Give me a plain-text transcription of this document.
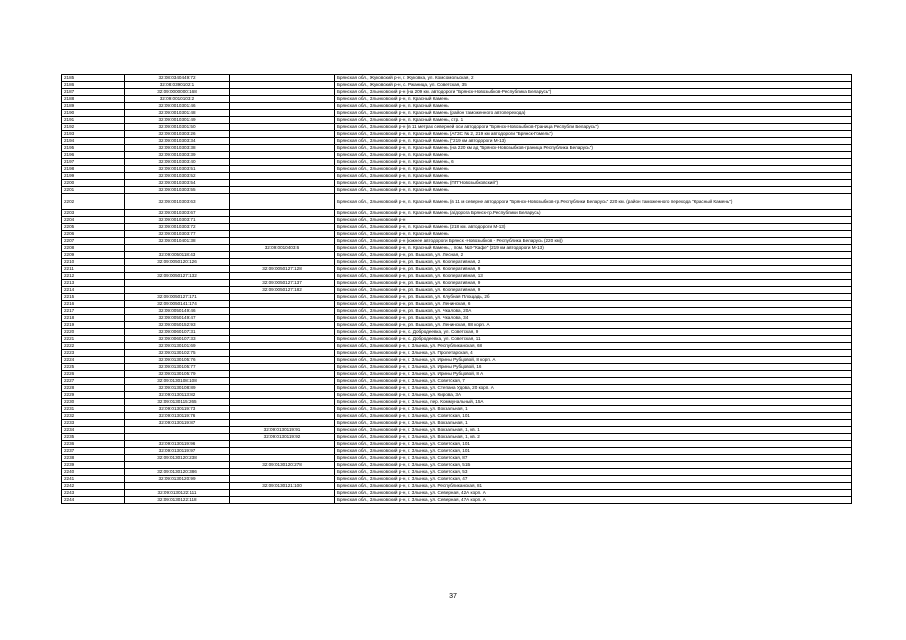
2185	32:08:0340449:72		Брянская обл., Жуковский р-н, г. Жуковка, ул. Комсомольская, 2
2186	32:08:0390102:1		Брянская обл., Жуковский р-н, с. Ржаница, ул. Советская, 35
2187	32:09:0000000:168		Брянская обл., Злынковский р-н (на 209 км. автодороги "Брянск-Новозыбков-Республика Беларусь")
2188	32:09:0010103:2		Брянская обл., Злынковский р-н, п. Красный Камень
2189	32:09:0010301:46		Брянская обл., Злынковский р-н, п. Красный Камень
2190	32:09:0010301:48		Брянская обл., Злынковский р-н, п. Красный Камень (район таможенного автоперехода)
2191	32:09:0010301:49		Брянская обл., Злынковский р-н, п. Красный Камень, стр. 1
2192	32:09:0010301:50		Брянская обл., Злынковский р-н (в 11 метрах северней оси автодороги "Брянск-Новозыбков-Граница Республи Беларусь")
2193	32:09:0010303:26		Брянская обл., Злынковский р-н, п. Красный Камень (АГЗС № 2, 219 км автодороги "Брянск-Гомель")
2194	32:09:0010303:34		Брянская обл., Злынковский р-н, п. Красный Камень ("219 км автодороги М-13)
2195	32:09:0010303:38		Брянская обл., Злынковский р-н, п. Красный Камень (на 220 км ад "Брянск-Новозыбков-граница Республика Беларусь")
2196	32:09:0010303:39		Брянская обл., Злынковский р-н, п. Красный Камень
2197	32:09:0010303:40		Брянская обл., Злынковский р-н, п. Красный Камень, 6
2198	32:09:0010303:51		Брянская обл., Злынковский р-н, п. Красный Камень
2199	32:09:0010303:52		Брянская обл., Злынковский р-н, п. Красный Камень
2200	32:09:0010303:54		Брянская обл., Злынковский р-н, п. Красный Камень (ПП"Новозыбковский")
2201	32:09:0010303:55		Брянская обл., Злынковский р-н, п. Красный Камень
2202	32:09:0010303:63		Брянская обл., Злынковский р-н, п. Красный Камень (в 11 м северне автодороги "Брянск-Новозыбков-гр.Республики Беларусь" 220 км. (район таможенного перехода "Красный Камень")
2203	32:09:0010303:67		Брянская обл., Злынковский р-н, п. Красный Камень (а/дорога Брянск-гр.Республики Беларусь)
2204	32:09:0010303:71		Брянская обл., Злынковский р-н
2205	32:09:0010303:72		Брянская обл., Злынковский р-н, п. Красный Камень (218 км. автодороги М-13)
2206	32:09:0010303:77		Брянская обл., Злынковский р-н, п. Красный Камень
2207	32:09:0010401:38		Брянская обл., Злынковский р-н (южнее автодороги Брянск -Новозыбков - Республика Беларусь (220 км))
2208		32:09:0010403:6	Брянская обл., Злынковский р-н, п. Красный Камень, , пом. №3-"Кафе" (219 км автодороги М-13)
2209	32:09:0050118:43		Брянская обл., Злынковский р-н, рп. Вышков, ул. Лесная, 2
2210	32:09:0050120:126		Брянская обл., Злынковский р-н, рп. Вышков, ул. Кооперативная, 2
2211		32:09:0050127:128	Брянская обл., Злынковский р-н, рп. Вышков, ул. Кооперативная, 9
2212	32:09:0050127:132		Брянская обл., Злынковский р-н, рп. Вышков, ул. Кооперативная, 13
2213		32:09:0050127:137	Брянская обл., Злынковский р-н, рп. Вышков, ул. Кооперативная, 9
2214		32:09:0050127:182	Брянская обл., Злынковский р-н, рп. Вышков, ул. Кооперативная, 9
2215	32:09:0050127:171		Брянская обл., Злынковский р-н, рп. Вышков, ул. Клубная Площадь, 2б
2216	32:09:0050141:174		Брянская обл., Злынковский р-н, рп. Вышков, ул. Ленинская, 6
2217	32:09:0050149:46		Брянская обл., Злынковский р-н, рп. Вышков, ул. Чкалова, 20А
2218	32:09:0050149:47		Брянская обл., Злынковский р-н, рп. Вышков, ул. Чкалова, 34
2219	32:09:0050152:93		Брянская обл., Злынковский р-н, рп. Вышков, ул. Ленинская, 88 корп. А
2220	32:09:0060107:31		Брянская обл., Злынковский р-н, с. Добродеевка, ул. Советская, 9
2221	32:09:0060107:33		Брянская обл., Злынковский р-н, с. Добродеевка, ул. Советская, 11
2222	32:09:0130101:69		Брянская обл., Злынковский р-н, г. Злынка, ул. Республиканская, 68
2223	32:09:0130102:75		Брянская обл., Злынковский р-н, г. Злынка, ул. Пролетарская, 4
2224	32:09:0130105:76		Брянская обл., Злынковский р-н, г. Злынка, ул. Ирины Рубцовой, 8 корп. А
2225	32:09:0130105:77		Брянская обл., Злынковский р-н, г. Злынка, ул. Ирины Рубцовой, 16
2226	32:09:0130105:79		Брянская обл., Злынковский р-н, г. Злынка, ул. Ирины Рубцовой, 8 А
2227	32:09:0130108:108		Брянская обл., Злынковский р-н, г. Злынка, ул. Советская, 7
2228	32:09:0130108:89		Брянская обл., Злынковский р-н, г. Злынка, ул. Степана Удова, 20 корп. А
2229	32:09:0130113:82		Брянская обл., Злынковский р-н, г. Злынка, ул. Кирова, 3А
2230	32:09:0130115:265		Брянская обл., Злынковский р-н, г. Злынка, пер. Коммунальный, 15А
2231	32:09:0130119:73		Брянская обл., Злынковский р-н, г. Злынка, ул. Вокзальная, 1
2232	32:09:0130119:76		Брянская обл., Злынковский р-н, г. Злынка, ул. Советская, 101
2233	32:09:0130119:87		Брянская обл., Злынковский р-н, г. Злынка, ул. Вокзальная, 1
2234		32:09:0130119:91	Брянская обл., Злынковский р-н, г. Злынка, ул. Вокзальная, 1, кв. 1
2235		32:09:0130119:92	Брянская обл., Злынковский р-н, г. Злынка, ул. Вокзальная, 1, кв. 2
2236	32:09:0130119:96		Брянская обл., Злынковский р-н, г. Злынка, ул. Советская, 101
2237	32:09:0130119:97		Брянская обл., Злынковский р-н, г. Злынка, ул. Советская, 101
2238	32:09:0130120:238		Брянская обл., Злынковский р-н, г. Злынка, ул. Советская, 87
2239		32:09:0130120:278	Брянская обл., Злынковский р-н, г. Злынка, ул. Советская, 51Б
2240	32:09:0130120:386		Брянская обл., Злынковский р-н, г. Злынка, ул. Советская, 53
2241	32:09:0130120:99		Брянская обл., Злынковский р-н, г. Злынка, ул. Советская, 47
2242		32:09:0130121:100	Брянская обл., Злынковский р-н, г. Злынка, ул. Республиканская, 81
2243	32:09:0130122:111		Брянская обл., Злынковский р-н, г. Злынка, ул. Северная, 42А корп. А
2244	32:09:0130122:118		Брянская обл., Злынковский р-н, г. Злынка, ул. Северная, 47А корп. А
37
